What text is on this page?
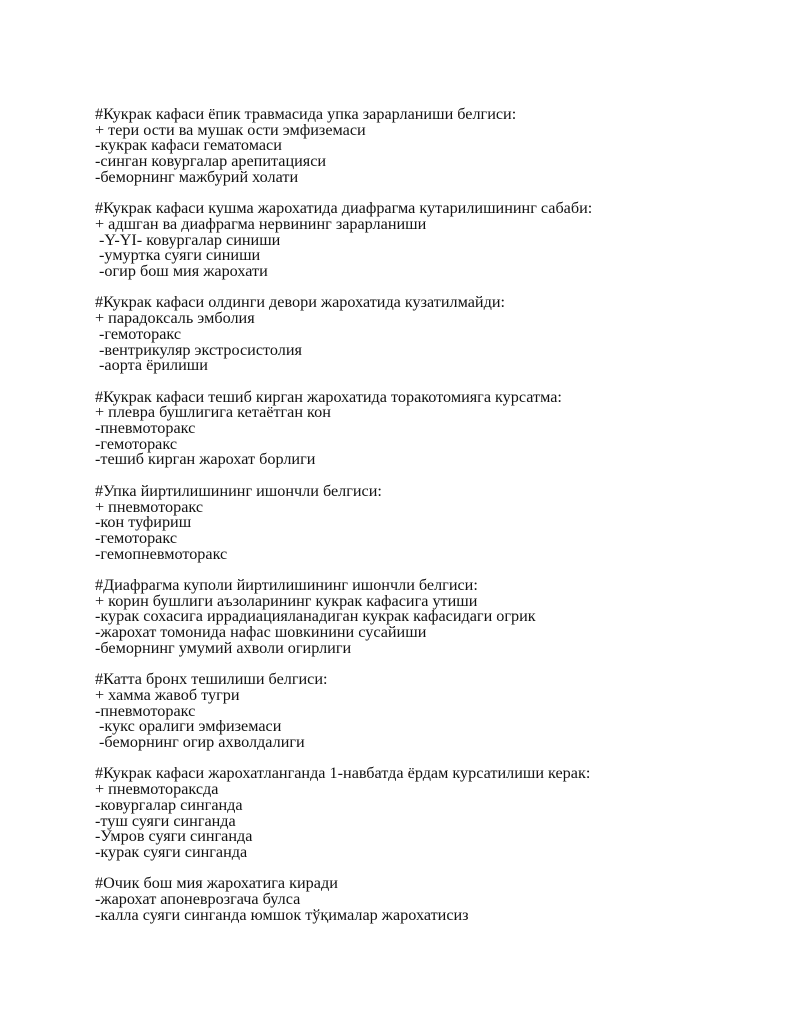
#Кукрак кафаси ёпик травмасида упка зарарланиши белгиси:
+ тери ости ва мушак ости эмфиземаси
-кукрак кафаси гематомаси
-синган ковургалар арепитацияси
-беморнинг мажбурий холати
#Кукрак кафаси кушма жарохатида диафрагма кутарилишининг сабаби:
+ адшган ва диафрагма нервининг зарарланиши
-Y-YI- ковургалар синиши
-умуртка суяги синиши
-огир бош мия жарохати
#Кукрак кафаси олдинги девори жарохатида кузатилмайди:
+ парадоксаль эмболия
-гемоторакс
-вентрикуляр экстросистолия
-аорта ёрилиши
#Кукрак кафаси тешиб кирган жарохатида торакотомияга курсатма:
+ плевра бушлигига кетаётган кон
-пневмоторакс
-гемоторакс
-тешиб кирган жарохат борлиги
#Упка йиртилишининг ишончли белгиси:
+ пневмоторакс
-кон туфириш
-гемоторакс
-гемопневмоторакс
#Диафрагма куполи йиртилишининг ишончли белгиси:
+ корин бушлиги аъзоларининг кукрак кафасига утиши
-курак сохасига иррадиацияланадиган кукрак кафасидаги огрик
-жарохат томонида нафас шовкинини сусайиши
-беморнинг умумий ахволи огирлиги
#Катта бронх тешилиши белгиси:
+ хамма жавоб тугри
-пневмоторакс
-кукс оралиги эмфиземаси
-беморнинг огир ахволдалиги
#Кукрак кафаси жарохатланганда 1-навбатда ёрдам курсатилиши керак:
+ пневмотораксда
-ковургалар синганда
-туш суяги синганда
-Умров суяги синганда
-курак суяги синганда
#Очик бош мия жарохатига киради
-жарохат апоневрозгача булса
-калла суяги синганда юмшок тўқималар жарохатисиз
